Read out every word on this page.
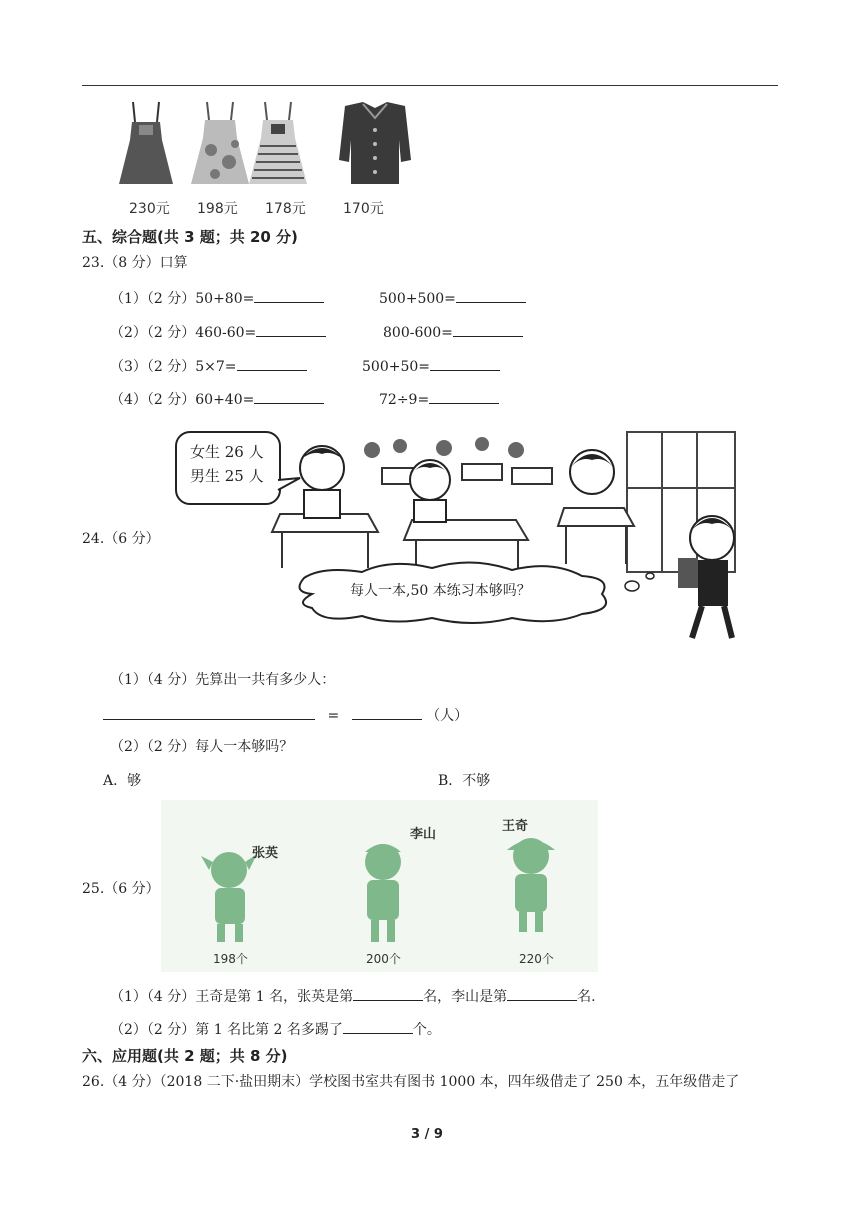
230元 198元 178元	170元
五、综合题(共 3 题；共 20 分)
23.（8 分）口算
（1）（2 分）50+80=	500+500=
（2）（2 分）460-60=	800-600=
（3）（2 分）5×7=	500+50=
（4）（2 分）60+40=	72÷9=
24.（6 分）
女生 26 人
男生 25 人
每人一本,50 本练习本够吗？
（1）（4 分）先算出一共有多少人：
=	（人）
（2）（2 分）每人一本够吗？
A．够	B．不够
25.（6 分）
张英
李山
王奇
198个	200个	220个
（1）（4 分）王奇是第 1 名，张英是第	名，李山是第	名.
（2）（2 分）第 1 名比第 2 名多踢了	个。
六、应用题(共 2 题；共 8 分)
26.（4 分）（2018 二下·盐田期末）学校图书室共有图书 1000 本，四年级借走了 250 本，五年级借走了
3 / 9
